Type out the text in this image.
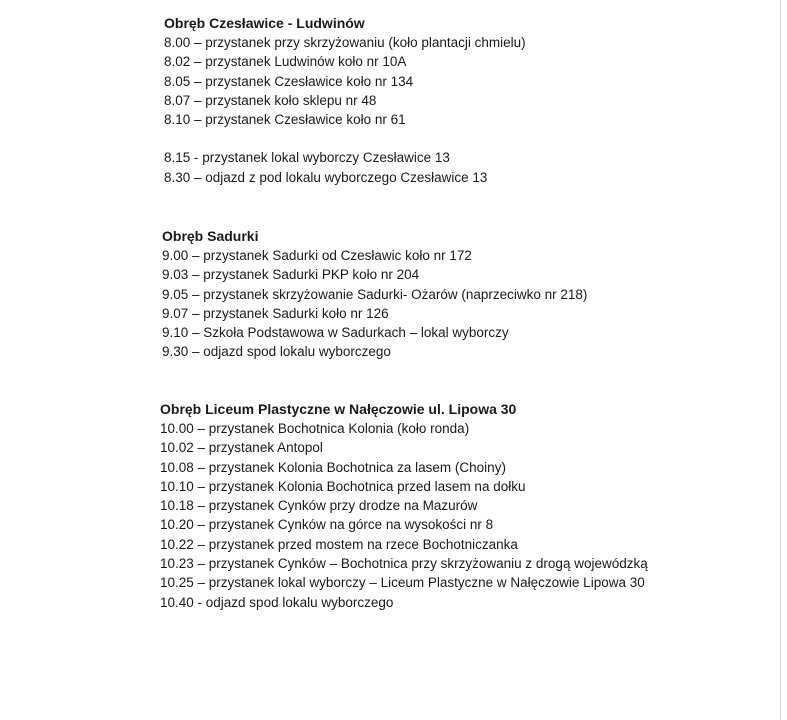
Obręb Czesławice - Ludwinów

8.00 – przystanek przy skrzyżowaniu (koło plantacji chmielu)

8.02 – przystanek Ludwinów koło nr 10A

8.05 – przystanek Czesławice koło nr 134

8.07 – przystanek koło sklepu nr 48

8.10 – przystanek Czesławice koło nr 61

8.15 - przystanek lokal wyborczy Czesławice 13

8.30 – odjazd z pod lokalu wyborczego Czesławice 13

Obręb Sadurki

9.00 – przystanek Sadurki od Czesławic koło nr 172

9.03 – przystanek Sadurki PKP koło nr 204

9.05 – przystanek skrzyżowanie Sadurki- Ożarów (naprzeciwko nr 218)

9.07 – przystanek Sadurki koło nr 126

9.10 – Szkoła Podstawowa w Sadurkach – lokal wyborczy

9.30 – odjazd spod lokalu wyborczego

Obręb Liceum Plastyczne w Nałęczowie ul. Lipowa 30

10.00 – przystanek Bochotnica Kolonia (koło ronda)

10.02 – przystanek Antopol

10.08 – przystanek Kolonia Bochotnica za lasem (Choiny)

10.10 – przystanek Kolonia Bochotnica przed lasem na dołku

10.18 – przystanek Cynków przy drodze na Mazurów

10.20 – przystanek Cynków na górce na wysokości nr 8

10.22 – przystanek przed mostem na rzece Bochotniczanka

10.23 – przystanek Cynków – Bochotnica przy skrzyżowaniu z drogą wojewódzką

10.25 – przystanek lokal wyborczy – Liceum Plastyczne w Nałęczowie Lipowa 30

10.40 - odjazd spod lokalu wyborczego
